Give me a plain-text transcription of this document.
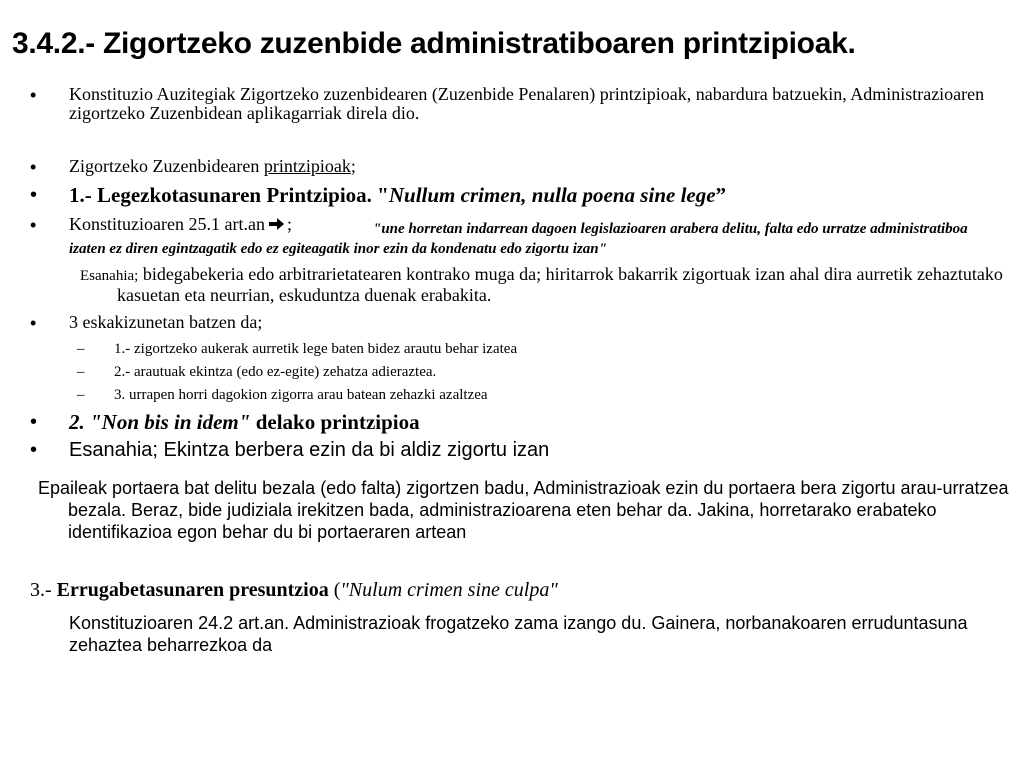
3.4.2.- Zigortzeko zuzenbide administratiboaren printzipioak.
• Konstituzio Auzitegiak Zigortzeko zuzenbidearen (Zuzenbide Penalaren) printzipioak, nabardura batzuekin, Administrazioaren zigortzeko Zuzenbidean aplikagarriak direla dio.
• Zigortzeko Zuzenbidearen printzipioak;
• 1.- Legezkotasunaren Printzipioa. "Nullum crimen, nulla poena sine lege”
• Konstituzioaren 25.1 art.an ;	"une horretan indarrean dagoen legislazioaren arabera delitu, falta edo urratze administratiboa izaten ez diren egintzagatik edo ez egiteagatik inor ezin da kondenatu edo zigortu izan"
Esanahia; bidegabekeria edo arbitrarietatearen kontrako muga da; hiritarrok bakarrik zigortuak izan ahal dira aurretik zehaztutako kasuetan eta neurrian, eskuduntza duenak erabakita.
• 3 eskakizunetan batzen da;
– 1.- zigortzeko aukerak aurretik lege baten bidez arautu behar izatea
– 2.- arautuak ekintza (edo ez-egite) zehatza adieraztea.
– 3. urrapen horri dagokion zigorra arau batean zehazki azaltzea
• 2. "Non bis in idem" delako printzipioa
• Esanahia; Ekintza berbera ezin da bi aldiz zigortu izan
Epaileak portaera bat delitu bezala (edo falta) zigortzen badu, Administrazioak ezin du portaera bera zigortu arau-urratzea bezala. Beraz, bide judiziala irekitzen bada, administrazioarena eten behar da. Jakina, horretarako erabateko identifikazioa egon behar du bi portaeraren artean
3.- Errugabetasunaren presuntzioa ("Nulum crimen sine culpa"
Konstituzioaren 24.2 art.an. Administrazioak frogatzeko zama izango du. Gainera, norbanakoaren erruduntasuna zehaztea beharrezkoa da
